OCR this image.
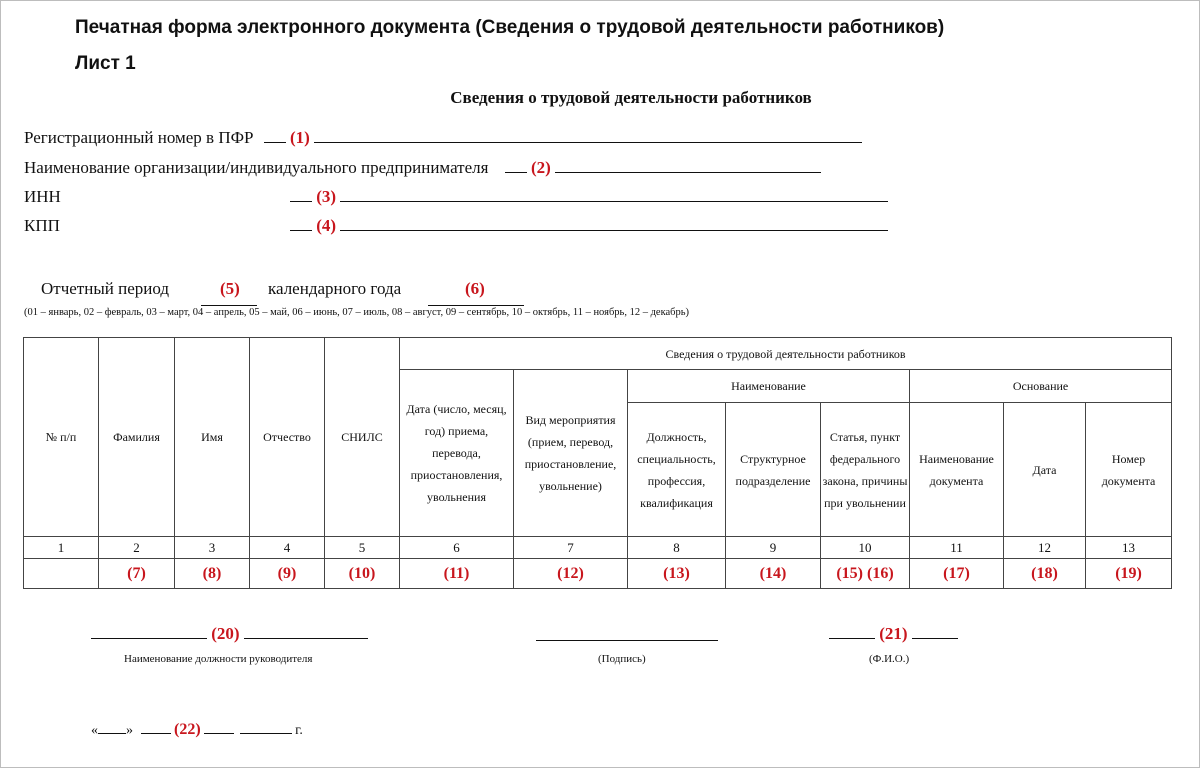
Печатная форма электронного документа (Сведения о трудовой деятельности работников)
Лист 1
Сведения о трудовой деятельности работников
Регистрационный номер в ПФР (1)
Наименование организации/индивидуального предпринимателя	(2)
ИНН	(3)
КПП	(4)
Отчетный период	(5) календарного года	(6)
(01 – январь, 02 – февраль, 03 – март, 04 – апрель, 05 – май, 06 – июнь, 07 – июль, 08 – август, 09 – сентябрь, 10 – октябрь, 11 – ноябрь, 12 – декабрь)
№ п/п	Фамилия	Имя	Отчество	СНИЛС	Сведения о трудовой деятельности работников							
					Дата (число, месяц, год) приема, перевода, приостановления, увольнения	Вид мероприятия (прием, перевод, приостановление, увольнение)	Наименование			Основание		
							Должность, специальность, профессия, квалификация	Структурное подразделение	Статья, пункт федерального закона, причины при увольнении	Наименование документа	Дата	Номер документа
1	2	3	4	5	6	7	8	9	10	11	12	13
	(7)	(8)	(9)	(10)	(11)	(12)	(13)	(14)	(15) (16)	(17)	(18)	(19)
(20)
Наименование должности руководителя	(Подпись)
(21)
(Ф.И.О.)
« »	(22)	г.
